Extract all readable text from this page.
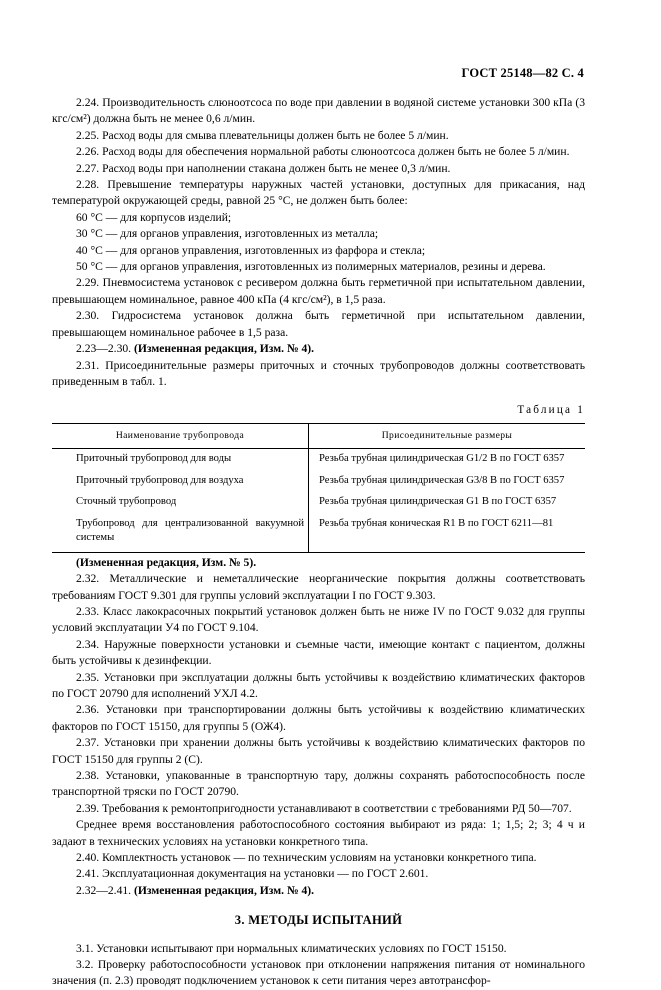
ГОСТ 25148—82 С. 4

2.24. Производительность слюноотсоса по воде при давлении в водяной системе установки 300 кПа (3 кгс/см²) должна быть не менее 0,6 л/мин.

2.25. Расход воды для смыва плевательницы должен быть не более 5 л/мин.

2.26. Расход воды для обеспечения нормальной работы слюноотсоса должен быть не более 5 л/мин.

2.27. Расход воды при наполнении стакана должен быть не менее 0,3 л/мин.

2.28. Превышение температуры наружных частей установки, доступных для прикасания, над температурой окружающей среды, равной 25 °С, не должен быть более:

60 °С — для корпусов изделий;

30 °С — для органов управления, изготовленных из металла;

40 °С — для органов управления, изготовленных из фарфора и стекла;

50 °С — для органов управления, изготовленных из полимерных материалов, резины и дерева.

2.29. Пневмосистема установок с ресивером должна быть герметичной при испытательном давлении, превышающем номинальное, равное 400 кПа (4 кгс/см²), в 1,5 раза.

2.30. Гидросистема установок должна быть герметичной при испытательном давлении, превышающем номинальное рабочее в 1,5 раза.

2.23—2.30. (Измененная редакция, Изм. № 4).

2.31. Присоединительные размеры приточных и сточных трубопроводов должны соответствовать приведенным в табл. 1.

Таблица 1
Наименование трубопровода	Присоединительные размеры
Приточный трубопровод для воды	Резьба трубная цилиндрическая G1/2 В по ГОСТ 6357
Приточный трубопровод для воздуха	Резьба трубная цилиндрическая G3/8 В по ГОСТ 6357
Сточный трубопровод	Резьба трубная цилиндрическая G1 В по ГОСТ 6357
Трубопровод для централизованной вакуумной системы	Резьба трубная коническая R1 В по ГОСТ 6211—81

(Измененная редакция, Изм. № 5).

2.32. Металлические и неметаллические неорганические покрытия должны соответствовать требованиям ГОСТ 9.301 для группы условий эксплуатации I по ГОСТ 9.303.

2.33. Класс лакокрасочных покрытий установок должен быть не ниже IV по ГОСТ 9.032 для группы условий эксплуатации У4 по ГОСТ 9.104.

2.34. Наружные поверхности установки и съемные части, имеющие контакт с пациентом, должны быть устойчивы к дезинфекции.

2.35. Установки при эксплуатации должны быть устойчивы к воздействию климатических факторов по ГОСТ 20790 для исполнений УХЛ 4.2.

2.36. Установки при транспортировании должны быть устойчивы к воздействию климатических факторов по ГОСТ 15150, для группы 5 (ОЖ4).

2.37. Установки при хранении должны быть устойчивы к воздействию климатических факторов по ГОСТ 15150 для группы 2 (С).

2.38. Установки, упакованные в транспортную тару, должны сохранять работоспособность после транспортной тряски по ГОСТ 20790.

2.39. Требования к ремонтопригодности устанавливают в соответствии с требованиями РД 50—707.

Среднее время восстановления работоспособного состояния выбирают из ряда: 1; 1,5; 2; 3; 4 ч и задают в технических условиях на установки конкретного типа.

2.40. Комплектность установок — по техническим условиям на установки конкретного типа.

2.41. Эксплуатационная документация на установки — по ГОСТ 2.601.

2.32—2.41. (Измененная редакция, Изм. № 4).

3. МЕТОДЫ ИСПЫТАНИЙ

3.1. Установки испытывают при нормальных климатических условиях по ГОСТ 15150.

3.2. Проверку работоспособности установок при отклонении напряжения питания от номинального значения (п. 2.3) проводят подключением установок к сети питания через автотрансфор-
